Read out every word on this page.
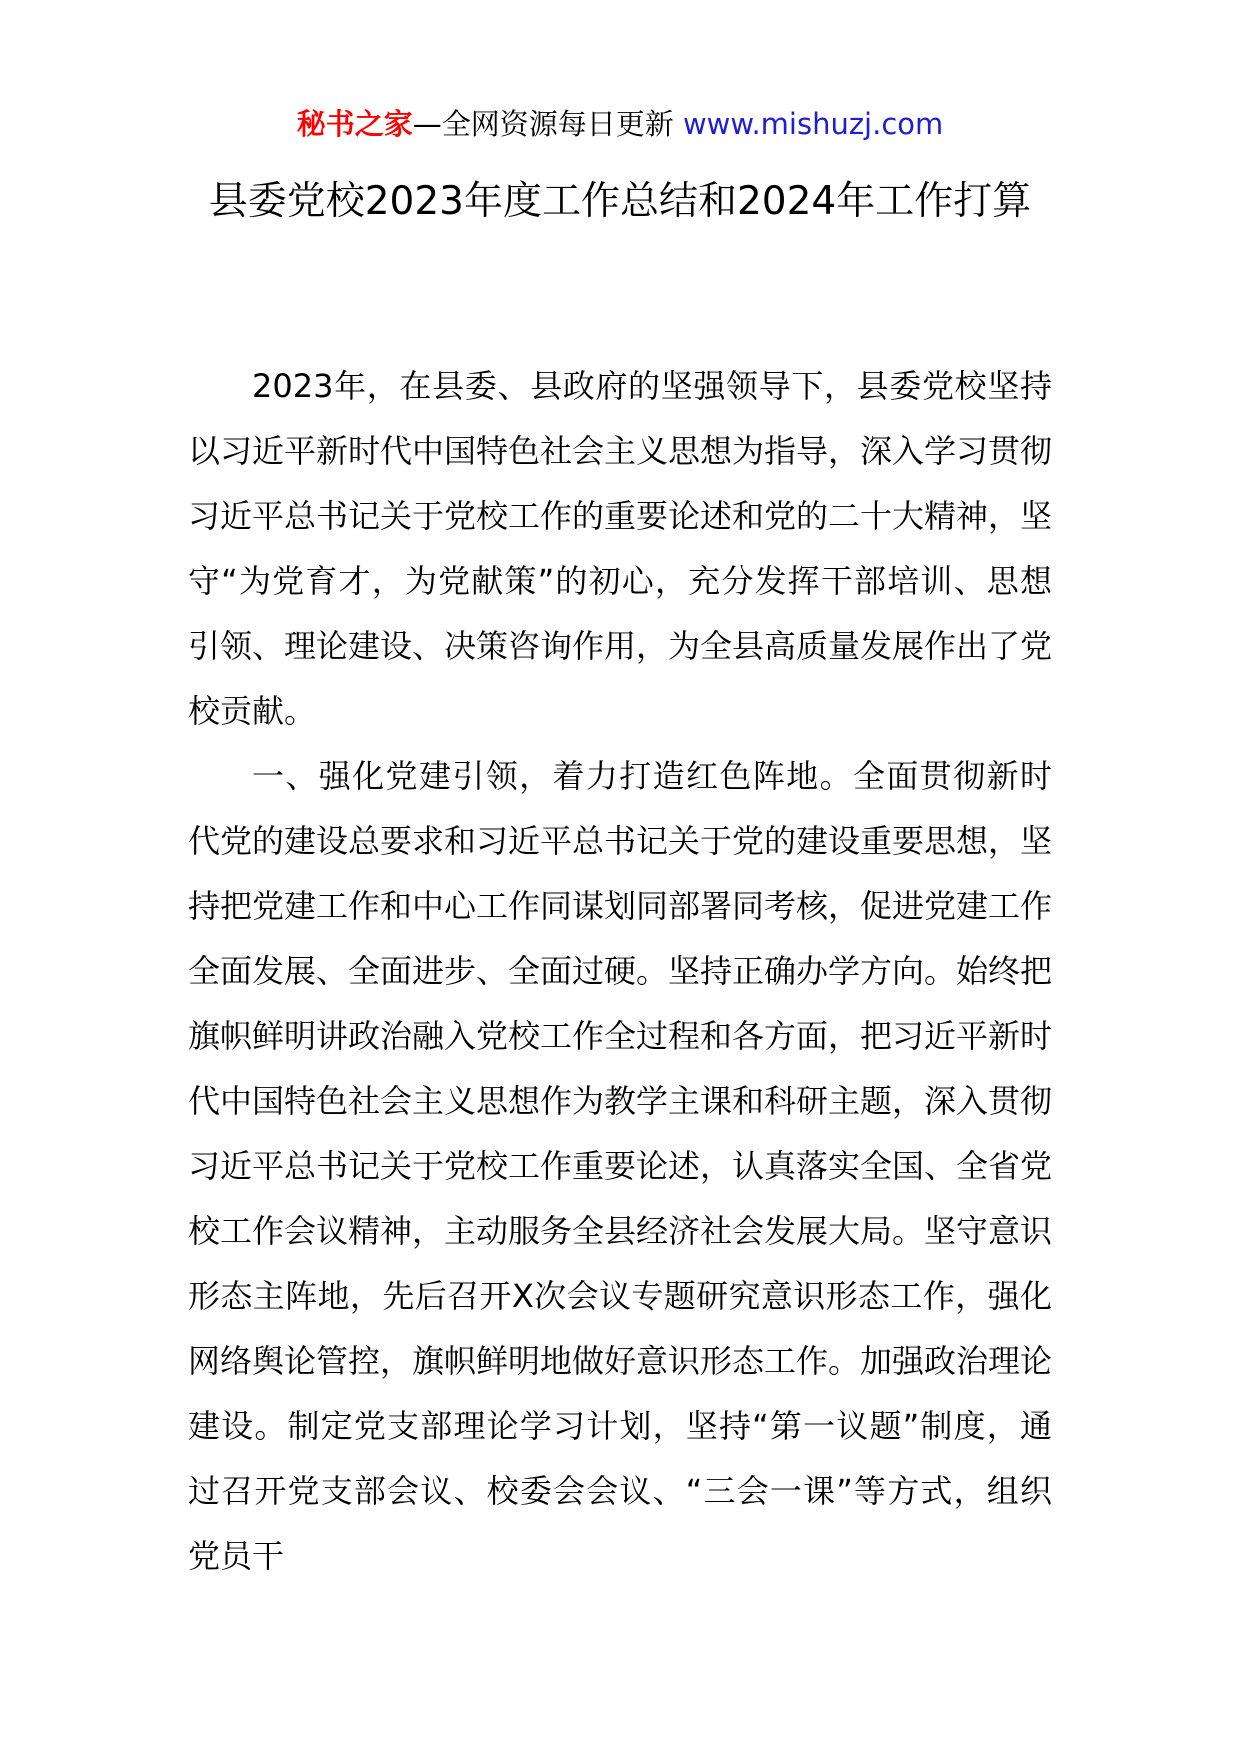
秘书之家—全网资源每日更新 www.mishuzj.com
县委党校2023年度工作总结和2024年工作打算

2023年，在县委、县政府的坚强领导下，县委党校坚持以习近平新时代中国特色社会主义思想为指导，深入学习贯彻习近平总书记关于党校工作的重要论述和党的二十大精神，坚守“为党育才，为党献策”的初心，充分发挥干部培训、思想引领、理论建设、决策咨询作用，为全县高质量发展作出了党校贡献。

一、强化党建引领，着力打造红色阵地。全面贯彻新时代党的建设总要求和习近平总书记关于党的建设重要思想，坚持把党建工作和中心工作同谋划同部署同考核，促进党建工作全面发展、全面进步、全面过硬。坚持正确办学方向。始终把旗帜鲜明讲政治融入党校工作全过程和各方面，把习近平新时代中国特色社会主义思想作为教学主课和科研主题，深入贯彻习近平总书记关于党校工作重要论述，认真落实全国、全省党校工作会议精神，主动服务全县经济社会发展大局。坚守意识形态主阵地，先后召开X次会议专题研究意识形态工作，强化网络舆论管控，旗帜鲜明地做好意识形态工作。加强政治理论建设。制定党支部理论学习计划，坚持“第一议题”制度，通过召开党支部会议、校委会会议、“三会一课”等方式，组织党员干
